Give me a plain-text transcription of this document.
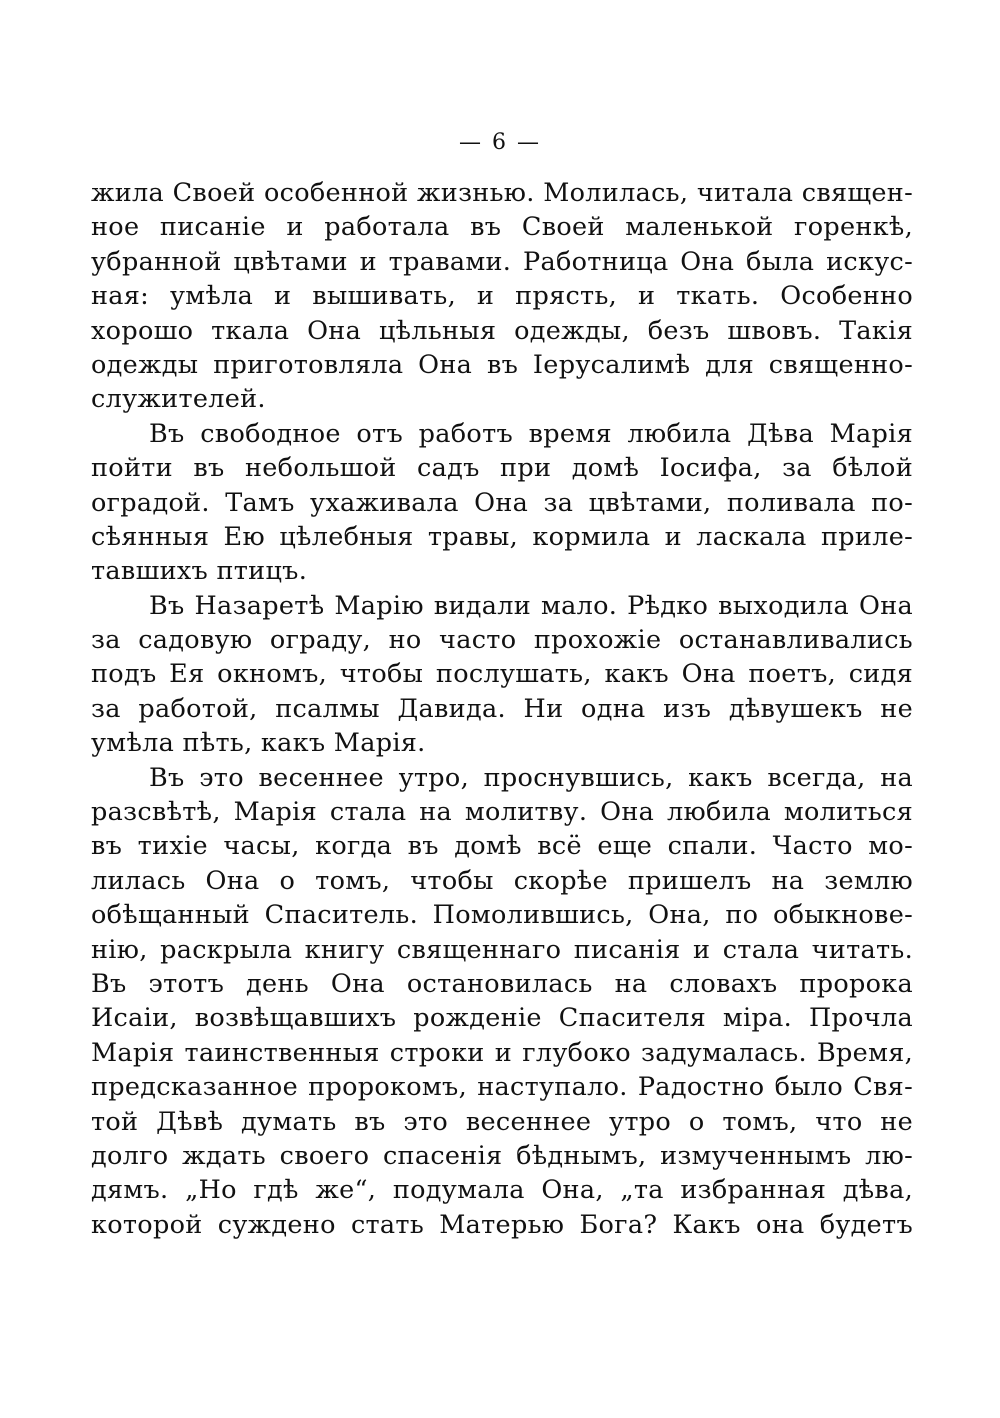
— 6 —
жила Своей особенной жизнью. Молилась, читала священ-
ное писаніе и работала въ Своей маленькой горенкѣ,
убранной цвѣтами и травами. Работница Она была искус-
ная: умѣла и вышивать, и прясть, и ткать. Особенно
хорошо ткала Она цѣльныя одежды, безъ швовъ. Такія
одежды приготовляла Она въ Іерусалимѣ для священно-
служителей.
Въ свободное отъ работъ время любила Дѣва Марія
пойти въ небольшой садъ при домѣ Іосифа, за бѣлой
оградой. Тамъ ухаживала Она за цвѣтами, поливала по-
сѣянныя Ею цѣлебныя травы, кормила и ласкала приле-
тавшихъ птицъ.
Въ Назаретѣ Марію видали мало. Рѣдко выходила Она
за садовую ограду, но часто прохожіе останавливались
подъ Ея окномъ, чтобы послушать, какъ Она поетъ, сидя
за работой, псалмы Давида. Ни одна изъ дѣвушекъ не
умѣла пѣть, какъ Марія.
Въ это весеннее утро, проснувшись, какъ всегда, на
разсвѣтѣ, Марія стала на молитву. Она любила молиться
въ тихіе часы, когда въ домѣ всё еще спали. Часто мо-
лилась Она о томъ, чтобы скорѣе пришелъ на землю
обѣщанный Спаситель. Помолившись, Она, по обыкнове-
нію, раскрыла книгу священнаго писанія и стала читать.
Въ этотъ день Она остановилась на словахъ пророка
Исаіи, возвѣщавшихъ рожденіе Спасителя міра. Прочла
Марія таинственныя строки и глубоко задумалась. Время,
предсказанное пророкомъ, наступало. Радостно было Свя-
той Дѣвѣ думать въ это весеннее утро о томъ, что не
долго ждать своего спасенія бѣднымъ, измученнымъ лю-
дямъ. „Но гдѣ же“, подумала Она, „та избранная дѣва,
которой суждено стать Матерью Бога? Какъ она будетъ
